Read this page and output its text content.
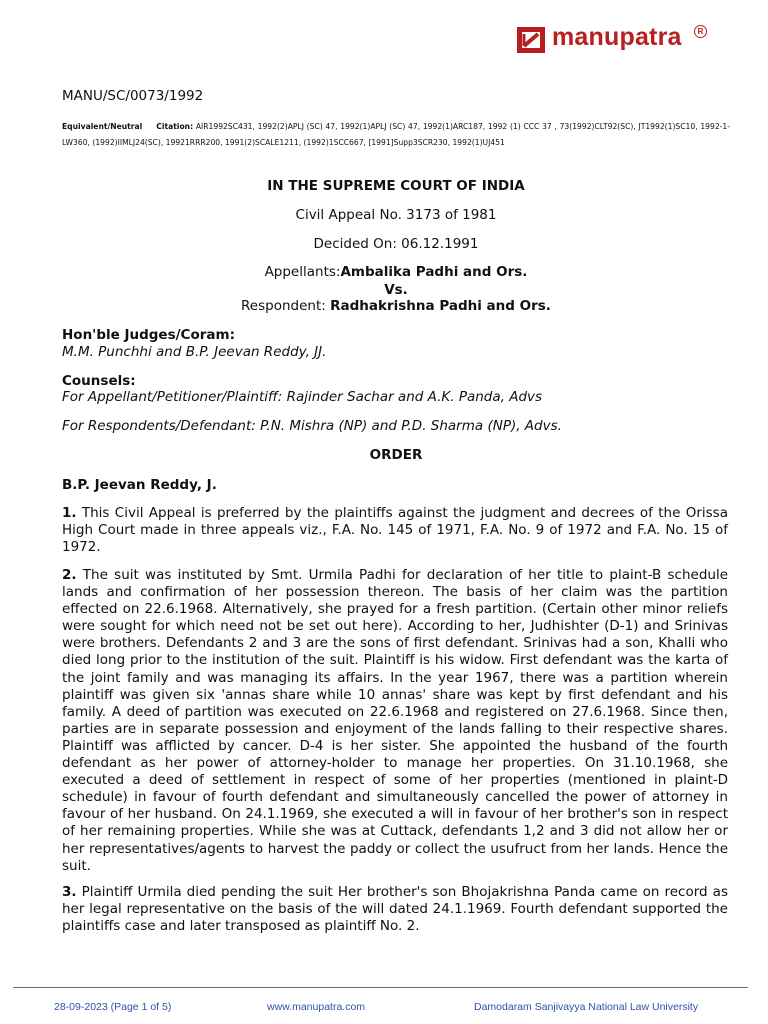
manupatra	R
MANU/SC/0073/1992
Equivalent/Neutral Citation: AIR1992SC431, 1992(2)APLJ (SC) 47, 1992(1)APLJ (SC) 47, 1992(1)ARC187, 1992 (1) CCC 37 , 73(1992)CLT92(SC), JT1992(1)SC10, 1992-1-LW360, (1992)IIMLJ24(SC), 19921RRR200, 1991(2)SCALE1211, (1992)1SCC667, [1991]Supp3SCR230, 1992(1)UJ451
IN THE SUPREME COURT OF INDIA
Civil Appeal No. 3173 of 1981
Decided On: 06.12.1991
Appellants:Ambalika Padhi and Ors.
Vs.
Respondent: Radhakrishna Padhi and Ors.
Hon'ble Judges/Coram:
M.M. Punchhi and B.P. Jeevan Reddy, JJ.
Counsels:
For Appellant/Petitioner/Plaintiff: Rajinder Sachar and A.K. Panda, Advs
For Respondents/Defendant: P.N. Mishra (NP) and P.D. Sharma (NP), Advs.
ORDER
B.P. Jeevan Reddy, J.
1. This Civil Appeal is preferred by the plaintiffs against the judgment and decrees of the Orissa High Court made in three appeals viz., F.A. No. 145 of 1971, F.A. No. 9 of 1972 and F.A. No. 15 of 1972.
2. The suit was instituted by Smt. Urmila Padhi for declaration of her title to plaint-B schedule lands and confirmation of her possession thereon. The basis of her claim was the partition effected on 22.6.1968. Alternatively, she prayed for a fresh partition. (Certain other minor reliefs were sought for which need not be set out here). According to her, Judhishter (D-1) and Srinivas were brothers. Defendants 2 and 3 are the sons of first defendant. Srinivas had a son, Khalli who died long prior to the institution of the suit. Plaintiff is his widow. First defendant was the karta of the joint family and was managing its affairs. In the year 1967, there was a partition wherein plaintiff was given six 'annas share while 10 annas' share was kept by first defendant and his family. A deed of partition was executed on 22.6.1968 and registered on 27.6.1968. Since then, parties are in separate possession and enjoyment of the lands falling to their respective shares. Plaintiff was afflicted by cancer. D-4 is her sister. She appointed the husband of the fourth defendant as her power of attorney-holder to manage her properties. On 31.10.1968, she executed a deed of settlement in respect of some of her properties (mentioned in plaint-D schedule) in favour of fourth defendant and simultaneously cancelled the power of attorney in favour of her husband. On 24.1.1969, she executed a will in favour of her brother's son in respect of her remaining properties. While she was at Cuttack, defendants 1,2 and 3 did not allow her or her representatives/agents to harvest the paddy or collect the usufruct from her lands. Hence the suit.
3. Plaintiff Urmila died pending the suit Her brother's son Bhojakrishna Panda came on record as her legal representative on the basis of the will dated 24.1.1969. Fourth defendant supported the plaintiffs case and later transposed as plaintiff No. 2.
28-09-2023 (Page 1 of 5)	www.manupatra.com	Damodaram Sanjivayya National Law University
